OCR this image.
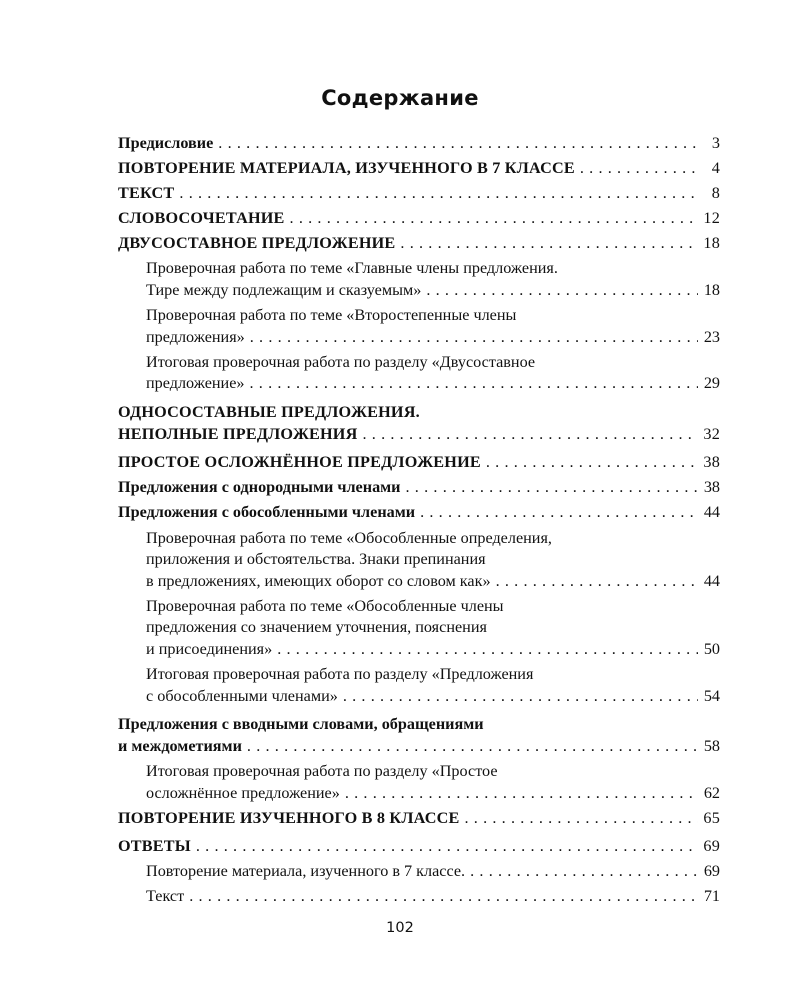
Содержание
Предисловие . . .	3
ПОВТОРЕНИЕ МАТЕРИАЛА, ИЗУЧЕННОГО В 7 КЛАССЕ . . .	4
ТЕКСТ . . .	8
СЛОВОСОЧЕТАНИЕ . . .	12
ДВУСОСТАВНОЕ ПРЕДЛОЖЕНИЕ . . .	18
Проверочная работа по теме «Главные члены предложения.
Тире между подлежащим и сказуемым» . . .	18
Проверочная работа по теме «Второстепенные члены
предложения» . . .	23
Итоговая проверочная работа по разделу «Двусоставное
предложение» . . .	29
ОДНОСОСТАВНЫЕ ПРЕДЛОЖЕНИЯ.
НЕПОЛНЫЕ ПРЕДЛОЖЕНИЯ . . .	32
ПРОСТОЕ ОСЛОЖНЁННОЕ ПРЕДЛОЖЕНИЕ . . .	38
Предложения с однородными членами . . .	38
Предложения с обособленными членами . . .	44
Проверочная работа по теме «Обособленные определения,
приложения и обстоятельства. Знаки препинания
в предложениях, имеющих оборот со словом как» . . .	44
Проверочная работа по теме «Обособленные члены
предложения со значением уточнения, пояснения
и присоединения» . . .	50
Итоговая проверочная работа по разделу «Предложения
с обособленными членами» . . .	54
Предложения с вводными словами, обращениями
и междометиями . . .	58
Итоговая проверочная работа по разделу «Простое
осложнённое предложение» . . .	62
ПОВТОРЕНИЕ ИЗУЧЕННОГО В 8 КЛАССЕ . . .	65
ОТВЕТЫ . . .	69
Повторение материала, изученного в 7 классе. . . .	69
Текст . . .	71
102
